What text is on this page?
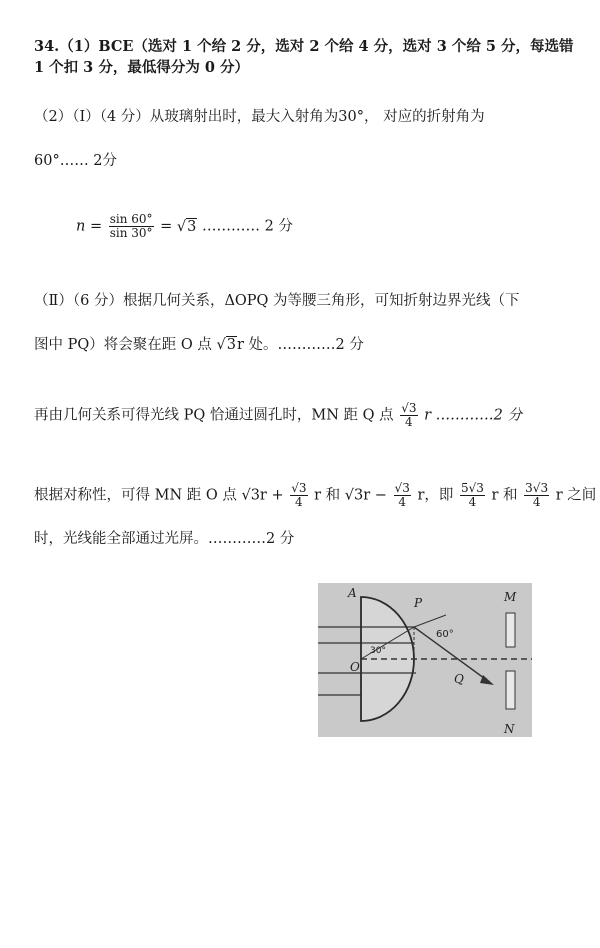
34.（1）BCE（选对 1 个给 2 分，选对 2 个给 4 分，选对 3 个给 5 分，每选错
1 个扣 3 分，最低得分为 0 分）
（2）（Ⅰ）（4 分）从玻璃射出时，最大入射角为30°， 对应的折射角为
60°…… 2分
$n = \frac{\sin 60^\circ}{\sin 30^\circ} = √3$ ………… 2 分
（Ⅱ）（6 分）根据几何关系，ΔOPQ 为等腰三角形，可知折射边界光线（下
图中 PQ）将会聚在距 O 点 √3r 处。…………2 分
再由几何关系可得光线 PQ 恰通过圆孔时，MN 距 Q 点 $\frac{√3}{4}$ r …………2 分
根据对称性，可得 MN 距 O 点 $√3r + \frac{√3}{4}$ r 和 $√3r - \frac{√3}{4}$ r，即 $\frac{5√3}{4}$ r 和 $\frac{3√3}{4}$ r 之间
时，光线能全部通过光屏。…………2 分
A
P	M
O
Q
N
30°
60°
